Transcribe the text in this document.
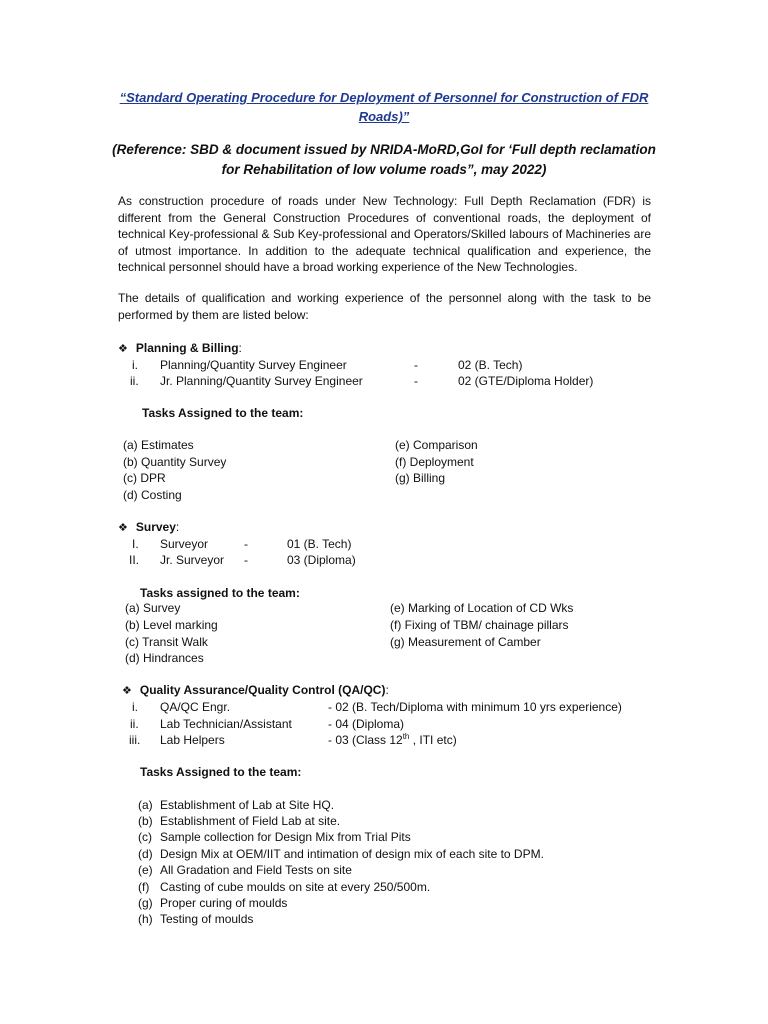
“Standard Operating Procedure for Deployment of Personnel for Construction of FDR Roads)”
(Reference: SBD & document issued by NRIDA-MoRD,GoI for ‘Full depth reclamation for Rehabilitation of low volume roads”, may 2022)
As construction procedure of roads under New Technology: Full Depth Reclamation (FDR) is different from the General Construction Procedures of conventional roads, the deployment of technical Key-professional & Sub Key-professional and Operators/Skilled labours of Machineries are of utmost importance. In addition to the adequate technical qualification and experience, the technical personnel should have a broad working experience of the New Technologies.
The details of qualification and working experience of the personnel along with the task to be performed by them are listed below:
❖ Planning & Billing:
i. Planning/Quantity Survey Engineer	-	02 (B. Tech)
ii. Jr. Planning/Quantity Survey Engineer	-	02 (GTE/Diploma Holder)
Tasks Assigned to the team:
(a) Estimates
(b) Quantity Survey
(c) DPR
(d) Costing
(e) Comparison
(f) Deployment
(g) Billing
❖ Survey:
I. Surveyor	-	01 (B. Tech)
II. Jr. Surveyor -	03 (Diploma)
Tasks assigned to the team:
(a) Survey
(b) Level marking
(c) Transit Walk
(d) Hindrances
(e) Marking of Location of CD Wks
(f) Fixing of TBM/ chainage pillars
(g) Measurement of Camber
❖ Quality Assurance/Quality Control (QA/QC):
i. QA/QC Engr.	- 02 (B. Tech/Diploma with minimum 10 yrs experience)
ii. Lab Technician/Assistant	- 04 (Diploma)
iii. Lab Helpers	- 03 (Class 12th , ITI etc)
Tasks Assigned to the team:
(a) Establishment of Lab at Site HQ.
(b) Establishment of Field Lab at site.
(c) Sample collection for Design Mix from Trial Pits
(d) Design Mix at OEM/IIT and intimation of design mix of each site to DPM.
(e) All Gradation and Field Tests on site
(f) Casting of cube moulds on site at every 250/500m.
(g) Proper curing of moulds
(h) Testing of moulds
